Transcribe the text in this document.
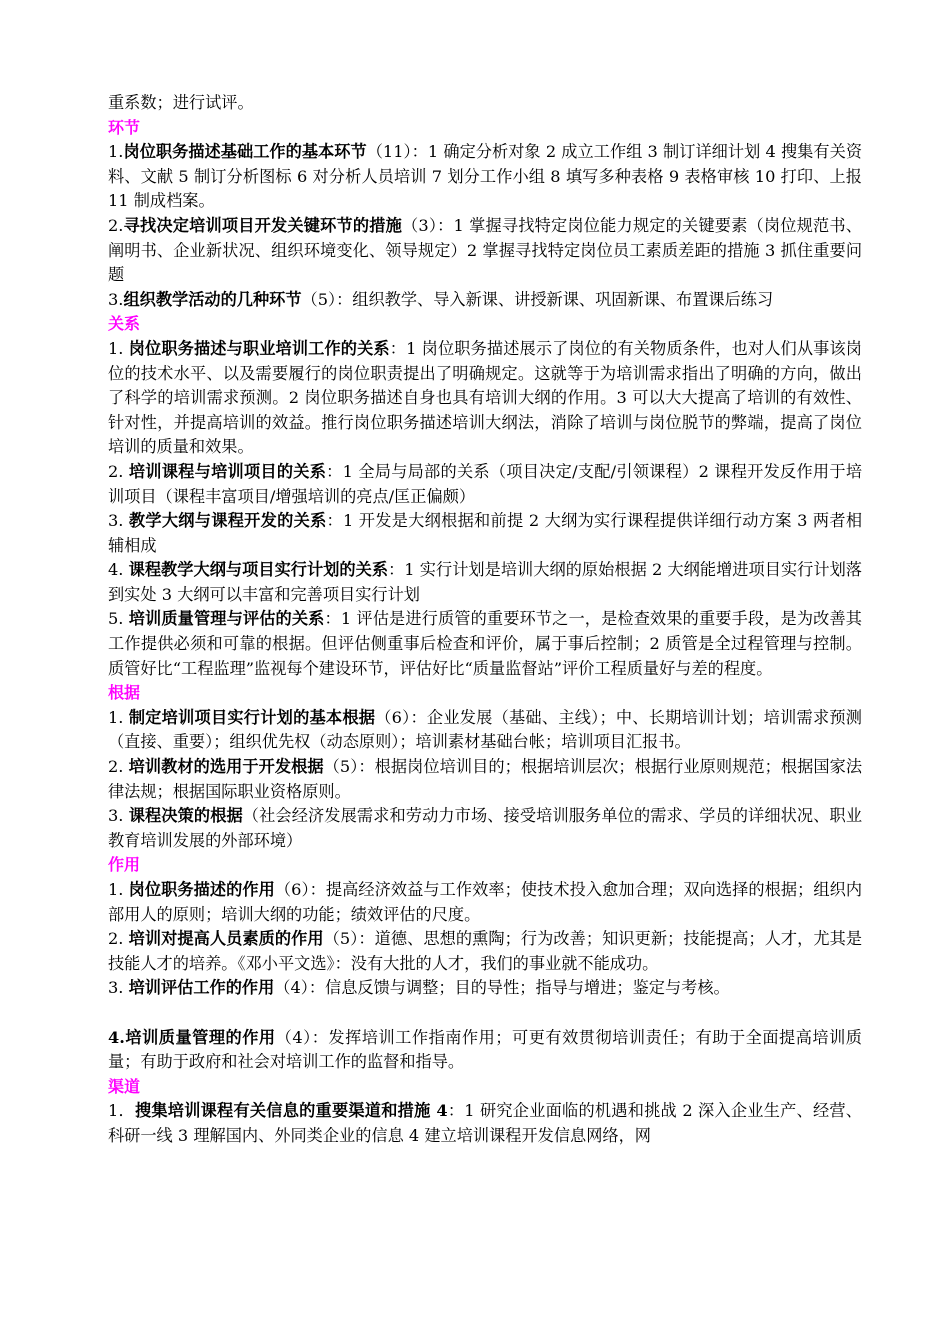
重系数；进行试评。

环节

1.岗位职务描述基础工作的基本环节（11）：1 确定分析对象 2 成立工作组 3 制订详细计划 4 搜集有关资料、文献 5 制订分析图标 6 对分析人员培训 7 划分工作小组 8 填写多种表格 9 表格审核 10 打印、上报 11 制成档案。

2.寻找决定培训项目开发关键环节的措施（3）：1 掌握寻找特定岗位能力规定的关键要素（岗位规范书、阐明书、企业新状况、组织环境变化、领导规定）2 掌握寻找特定岗位员工素质差距的措施 3 抓住重要问题

3.组织教学活动的几种环节（5）：组织教学、导入新课、讲授新课、巩固新课、布置课后练习

关系

1. 岗位职务描述与职业培训工作的关系：1 岗位职务描述展示了岗位的有关物质条件，也对人们从事该岗位的技术水平、以及需要履行的岗位职责提出了明确规定。这就等于为培训需求指出了明确的方向，做出了科学的培训需求预测。2 岗位职务描述自身也具有培训大纲的作用。3 可以大大提高了培训的有效性、针对性，并提高培训的效益。推行岗位职务描述培训大纲法，消除了培训与岗位脱节的弊端，提高了岗位培训的质量和效果。

2. 培训课程与培训项目的关系：1 全局与局部的关系（项目决定/支配/引领课程）2 课程开发反作用于培训项目（课程丰富项目/增强培训的亮点/匡正偏颇）

3. 教学大纲与课程开发的关系：1 开发是大纲根据和前提 2 大纲为实行课程提供详细行动方案 3 两者相辅相成

4. 课程教学大纲与项目实行计划的关系：1 实行计划是培训大纲的原始根据 2 大纲能增进项目实行计划落到实处 3 大纲可以丰富和完善项目实行计划

5. 培训质量管理与评估的关系：1 评估是进行质管的重要环节之一，是检查效果的重要手段，是为改善其工作提供必须和可靠的根据。但评估侧重事后检查和评价，属于事后控制；2 质管是全过程管理与控制。质管好比“工程监理”监视每个建设环节，评估好比“质量监督站”评价工程质量好与差的程度。

根据

1. 制定培训项目实行计划的基本根据（6）：企业发展（基础、主线）；中、长期培训计划；培训需求预测（直接、重要）；组织优先权（动态原则）；培训素材基础台帐；培训项目汇报书。

2. 培训教材的选用于开发根据（5）：根据岗位培训目的；根据培训层次；根据行业原则规范；根据国家法律法规；根据国际职业资格原则。

3. 课程决策的根据（社会经济发展需求和劳动力市场、接受培训服务单位的需求、学员的详细状况、职业教育培训发展的外部环境）

作用

1. 岗位职务描述的作用（6）：提高经济效益与工作效率；使技术投入愈加合理；双向选择的根据；组织内部用人的原则；培训大纲的功能；绩效评估的尺度。

2. 培训对提高人员素质的作用（5）：道德、思想的熏陶；行为改善；知识更新；技能提高；人才，尤其是技能人才的培养。《邓小平文选》：没有大批的人才，我们的事业就不能成功。

3. 培训评估工作的作用（4）：信息反馈与调整；目的导性；指导与增进；鉴定与考核。

4.培训质量管理的作用（4）：发挥培训工作指南作用；可更有效贯彻培训责任；有助于全面提高培训质量；有助于政府和社会对培训工作的监督和指导。

渠道

1．搜集培训课程有关信息的重要渠道和措施 4：1 研究企业面临的机遇和挑战 2 深入企业生产、经营、科研一线 3 理解国内、外同类企业的信息 4 建立培训课程开发信息网络，网
